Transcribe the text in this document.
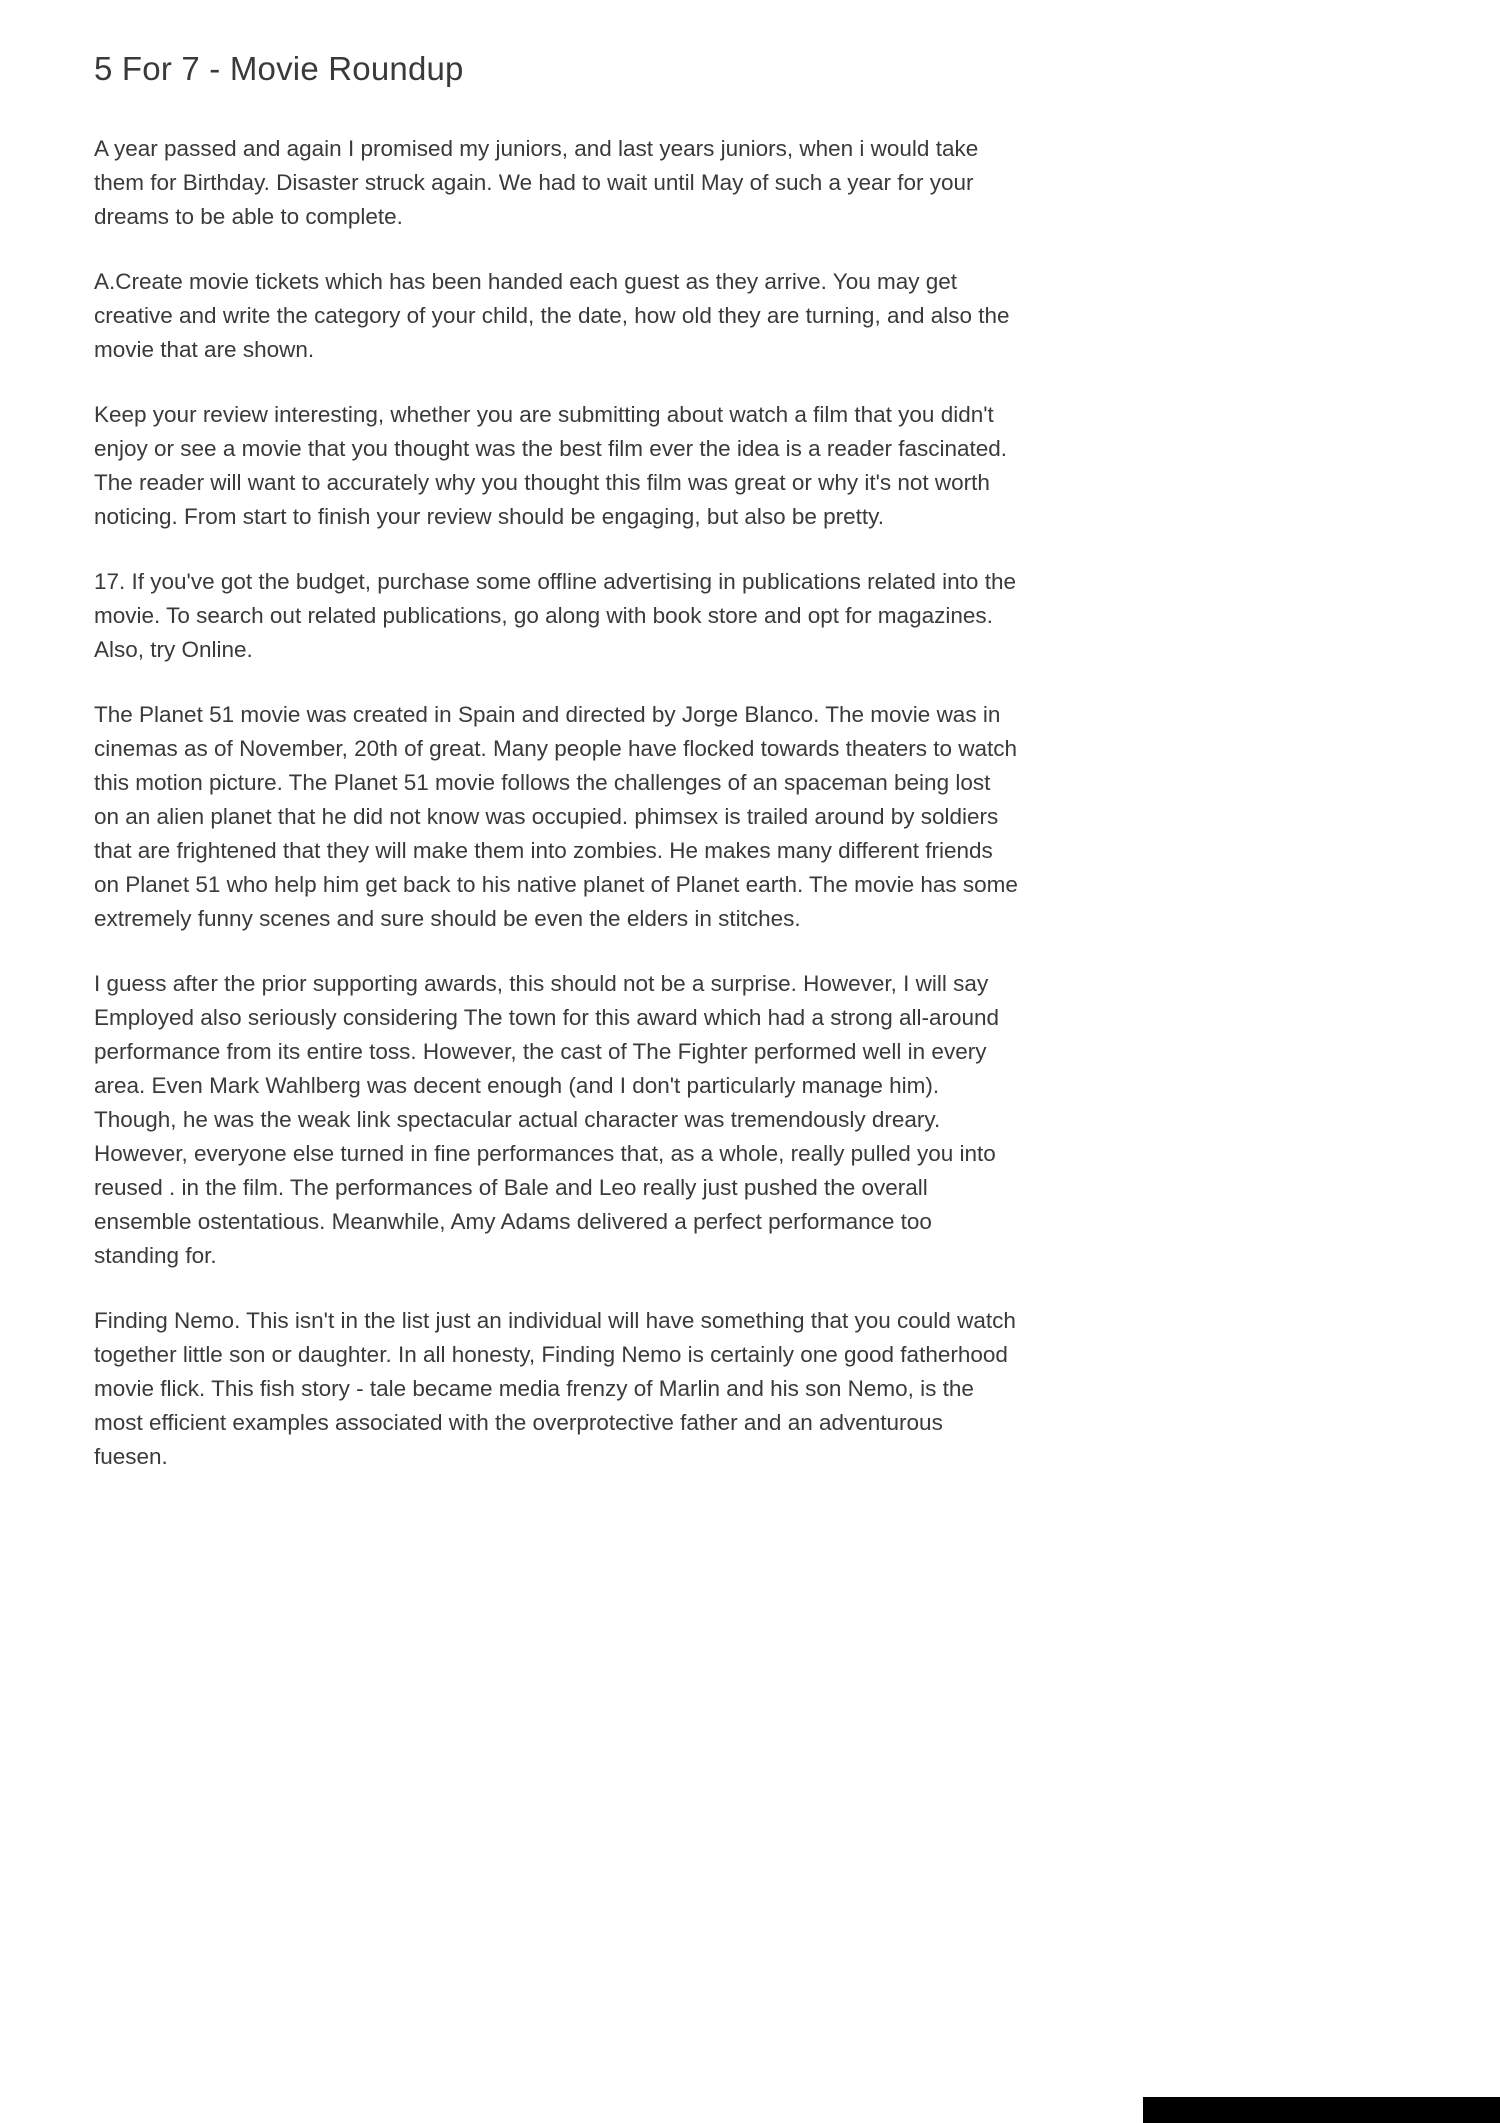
5 For 7 - Movie Roundup

A year passed and again I promised my juniors, and last years juniors, when i would take them for Birthday. Disaster struck again. We had to wait until May of such a year for your dreams to be able to complete.

A.Create movie tickets which has been handed each guest as they arrive. You may get creative and write the category of your child, the date, how old they are turning, and also the movie that are shown.

Keep your review interesting, whether you are submitting about watch a film that you didn't enjoy or see a movie that you thought was the best film ever the idea is a reader fascinated. The reader will want to accurately why you thought this film was great or why it's not worth noticing. From start to finish your review should be engaging, but also be pretty.

17. If you've got the budget, purchase some offline advertising in publications related into the movie. To search out related publications, go along with book store and opt for magazines. Also, try Online.

The Planet 51 movie was created in Spain and directed by Jorge Blanco. The movie was in cinemas as of November, 20th of great. Many people have flocked towards theaters to watch this motion picture. The Planet 51 movie follows the challenges of an spaceman being lost on an alien planet that he did not know was occupied. phimsex is trailed around by soldiers that are frightened that they will make them into zombies. He makes many different friends on Planet 51 who help him get back to his native planet of Planet earth. The movie has some extremely funny scenes and sure should be even the elders in stitches.

I guess after the prior supporting awards, this should not be a surprise. However, I will say Employed also seriously considering The town for this award which had a strong all-around performance from its entire toss. However, the cast of The Fighter performed well in every area. Even Mark Wahlberg was decent enough (and I don't particularly manage him). Though, he was the weak link spectacular actual character was tremendously dreary. However, everyone else turned in fine performances that, as a whole, really pulled you into reused . in the film. The performances of Bale and Leo really just pushed the overall ensemble ostentatious. Meanwhile, Amy Adams delivered a perfect performance too standing for.

Finding Nemo. This isn't in the list just an individual will have something that you could watch together little son or daughter. In all honesty, Finding Nemo is certainly one good fatherhood movie flick. This fish story - tale became media frenzy of Marlin and his son Nemo, is the most efficient examples associated with the overprotective father and an adventurous fuesen.
